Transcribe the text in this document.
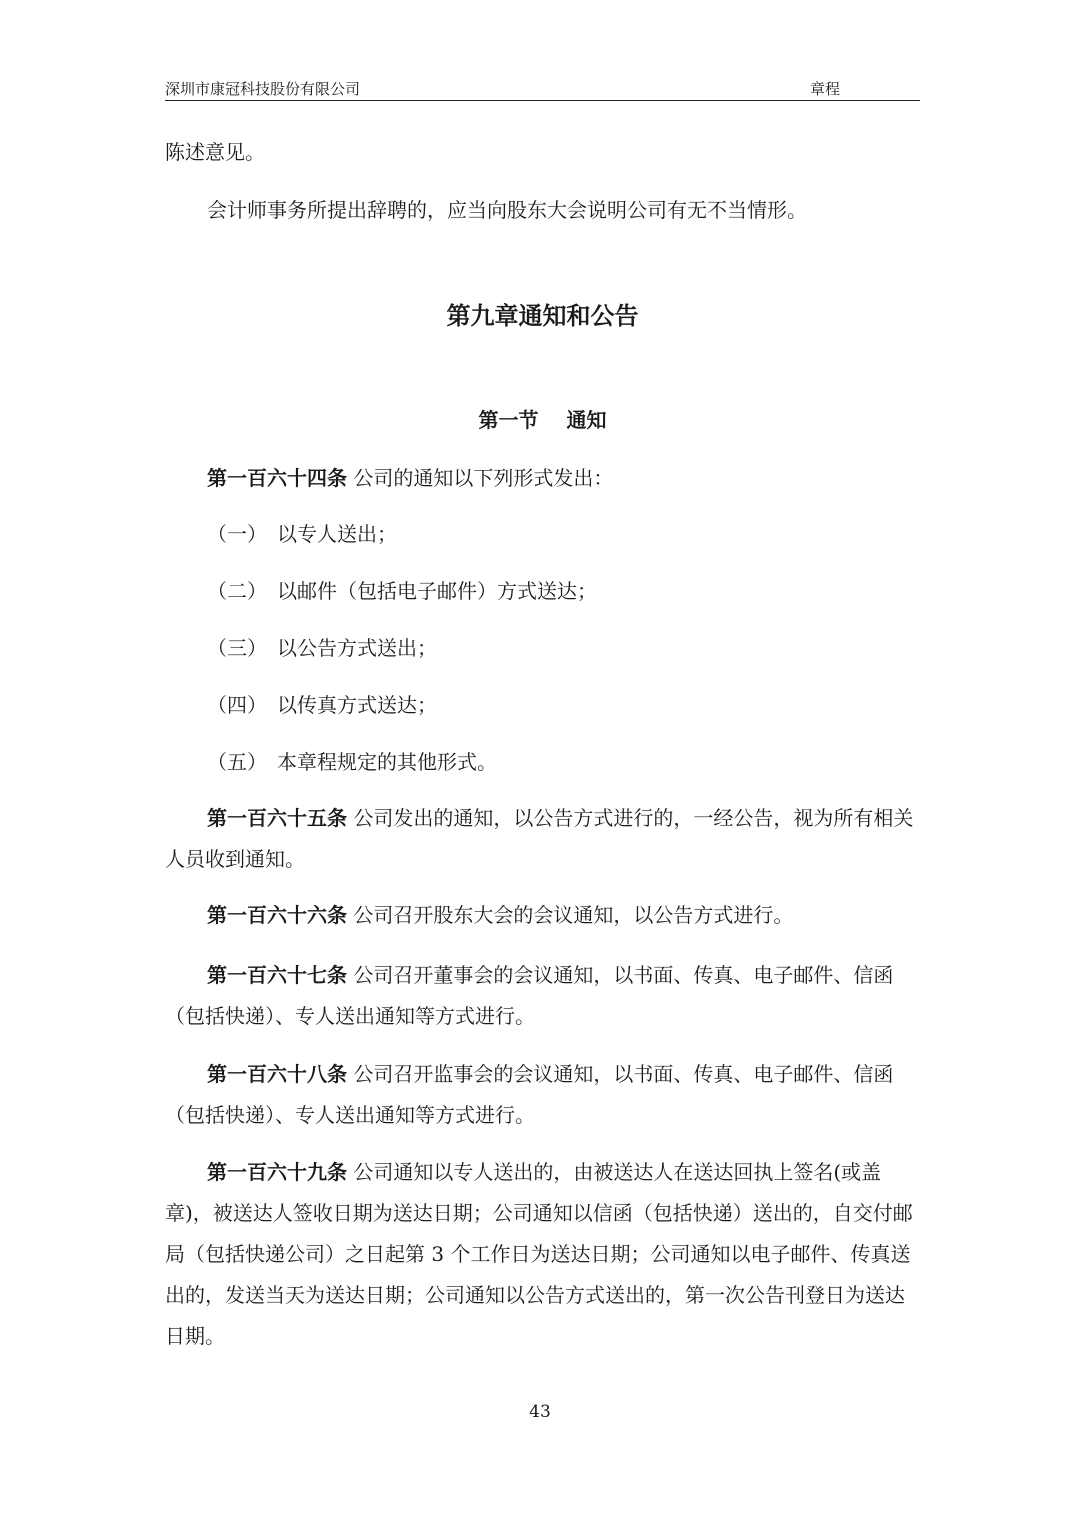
深圳市康冠科技股份有限公司	章程

陈述意见。

会计师事务所提出辞聘的，应当向股东大会说明公司有无不当情形。

第九章通知和公告
第一节 通知

第一百六十四条 公司的通知以下列形式发出：

（一） 以专人送出；
（二） 以邮件（包括电子邮件）方式送达；
（三） 以公告方式送出；
（四） 以传真方式送达；
（五） 本章程规定的其他形式。

第一百六十五条 公司发出的通知，以公告方式进行的，一经公告，视为所有相关人员收到通知。

第一百六十六条 公司召开股东大会的会议通知，以公告方式进行。

第一百六十七条 公司召开董事会的会议通知，以书面、传真、电子邮件、信函（包括快递）、专人送出通知等方式进行。

第一百六十八条 公司召开监事会的会议通知，以书面、传真、电子邮件、信函（包括快递）、专人送出通知等方式进行。

第一百六十九条 公司通知以专人送出的，由被送达人在送达回执上签名(或盖章)，被送达人签收日期为送达日期；公司通知以信函（包括快递）送出的，自交付邮局（包括快递公司）之日起第 3 个工作日为送达日期；公司通知以电子邮件、传真送出的，发送当天为送达日期；公司通知以公告方式送出的，第一次公告刊登日为送达日期。

43
